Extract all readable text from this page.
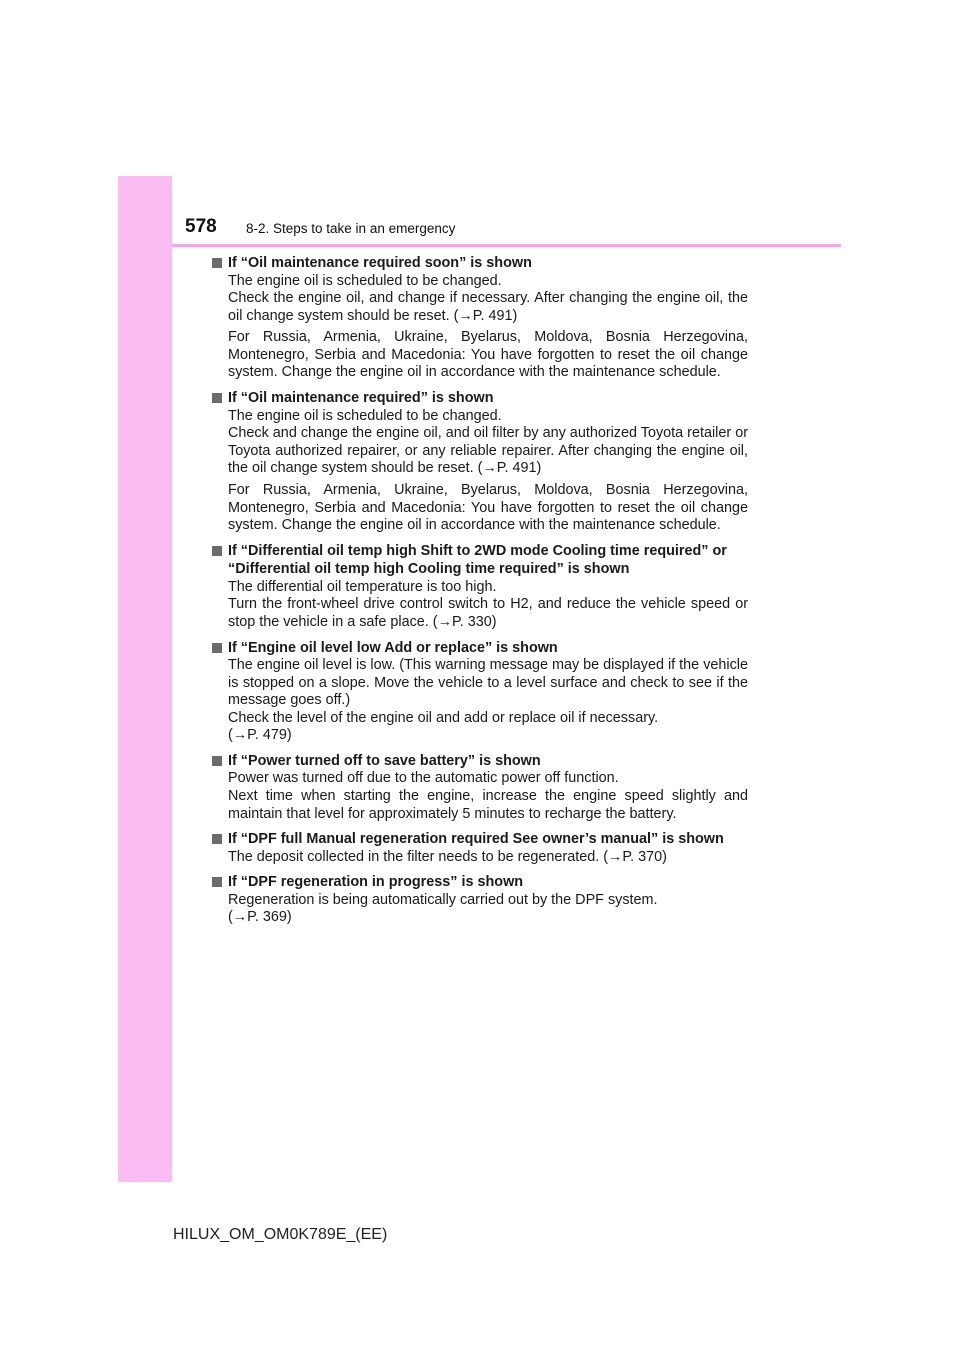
578 8-2. Steps to take in an emergency
If “Oil maintenance required soon” is shown

The engine oil is scheduled to be changed.
Check the engine oil, and change if necessary. After changing the engine oil, the oil change system should be reset. (→P. 491)

For Russia, Armenia, Ukraine, Byelarus, Moldova, Bosnia Herzegovina, Montenegro, Serbia and Macedonia: You have forgotten to reset the oil change system. Change the engine oil in accordance with the maintenance schedule.

If “Oil maintenance required” is shown

The engine oil is scheduled to be changed.
Check and change the engine oil, and oil filter by any authorized Toyota retailer or Toyota authorized repairer, or any reliable repairer. After changing the engine oil, the oil change system should be reset. (→P. 491)

For Russia, Armenia, Ukraine, Byelarus, Moldova, Bosnia Herzegovina, Montenegro, Serbia and Macedonia: You have forgotten to reset the oil change system. Change the engine oil in accordance with the maintenance schedule.

If “Differential oil temp high Shift to 2WD mode Cooling time required” or “Differential oil temp high Cooling time required” is shown

The differential oil temperature is too high.
Turn the front-wheel drive control switch to H2, and reduce the vehicle speed or stop the vehicle in a safe place. (→P. 330)

If “Engine oil level low Add or replace” is shown

The engine oil level is low. (This warning message may be displayed if the vehicle is stopped on a slope. Move the vehicle to a level surface and check to see if the message goes off.)
Check the level of the engine oil and add or replace oil if necessary.
(→P. 479)

If “Power turned off to save battery” is shown

Power was turned off due to the automatic power off function.
Next time when starting the engine, increase the engine speed slightly and maintain that level for approximately 5 minutes to recharge the battery.

If “DPF full Manual regeneration required See owner’s manual” is shown

The deposit collected in the filter needs to be regenerated. (→P. 370)

If “DPF regeneration in progress” is shown

Regeneration is being automatically carried out by the DPF system.
(→P. 369)

HILUX_OM_OM0K789E_(EE)
